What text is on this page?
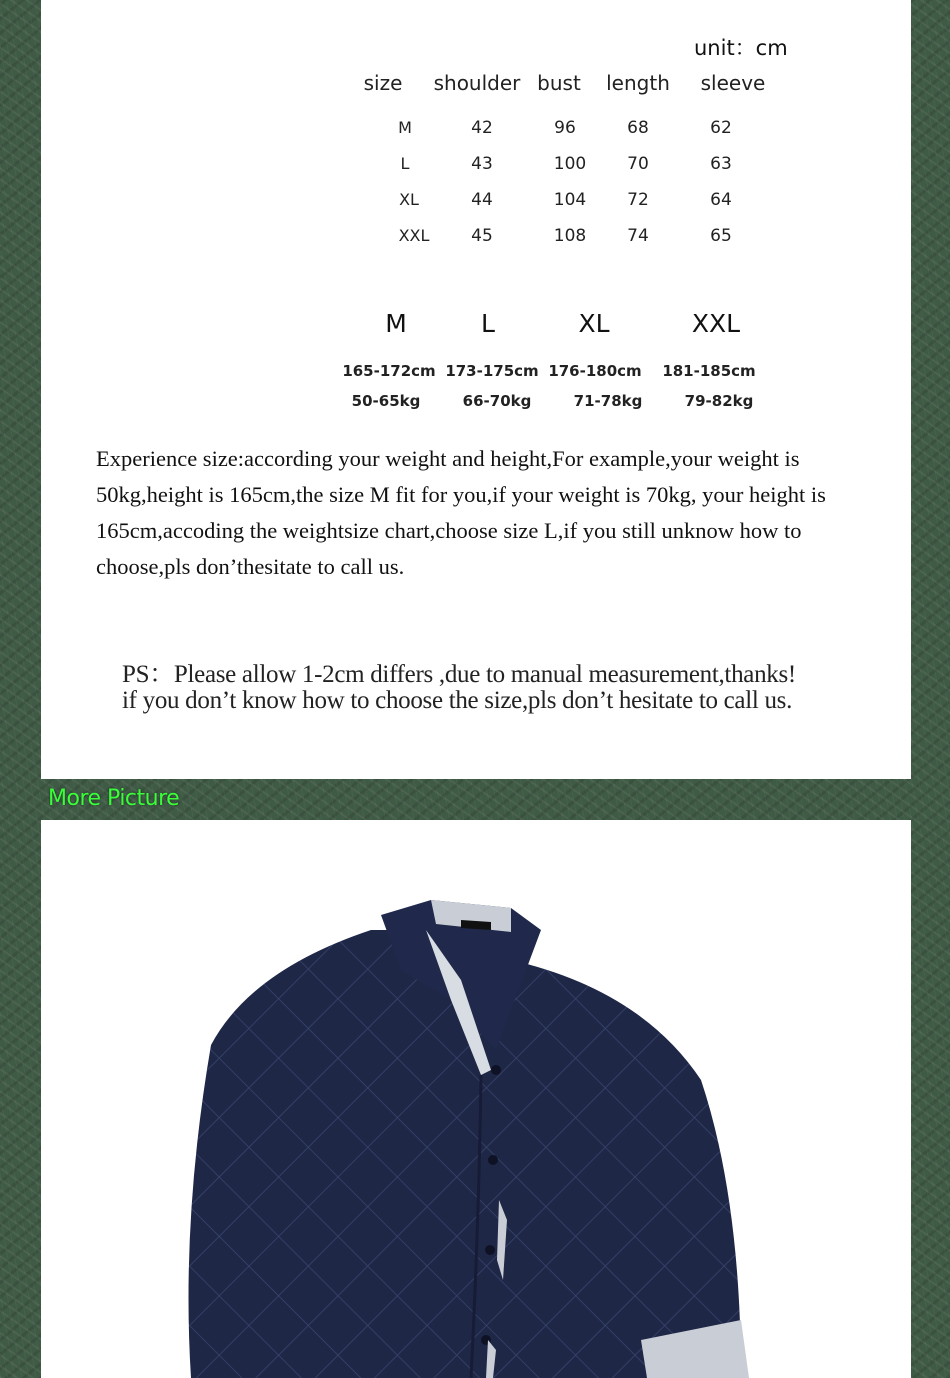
unit：cm
size shoulder bust length sleeve
M	42	96	68	62
L	43	100 70	63
XL	44	104 72	64
XXL 45	108 74	65
M	L	XL	XXL
165-172cm 173-175cm 176-180cm 181-185cm
50-65kg	66-70kg	71-78kg	79-82kg
Experience size:according your weight and height,For example,your weight is 50kg,height is 165cm,the size M fit for you,if your weight is 70kg, your height is 165cm,accoding the weightsize chart,choose size L,if you still unknow how to choose,pls don’thesitate to call us.
PS：Please allow 1-2cm differs ,due to manual measurement,thanks!
if you don’t know how to choose the size,pls don’t hesitate to call us.
More Picture
